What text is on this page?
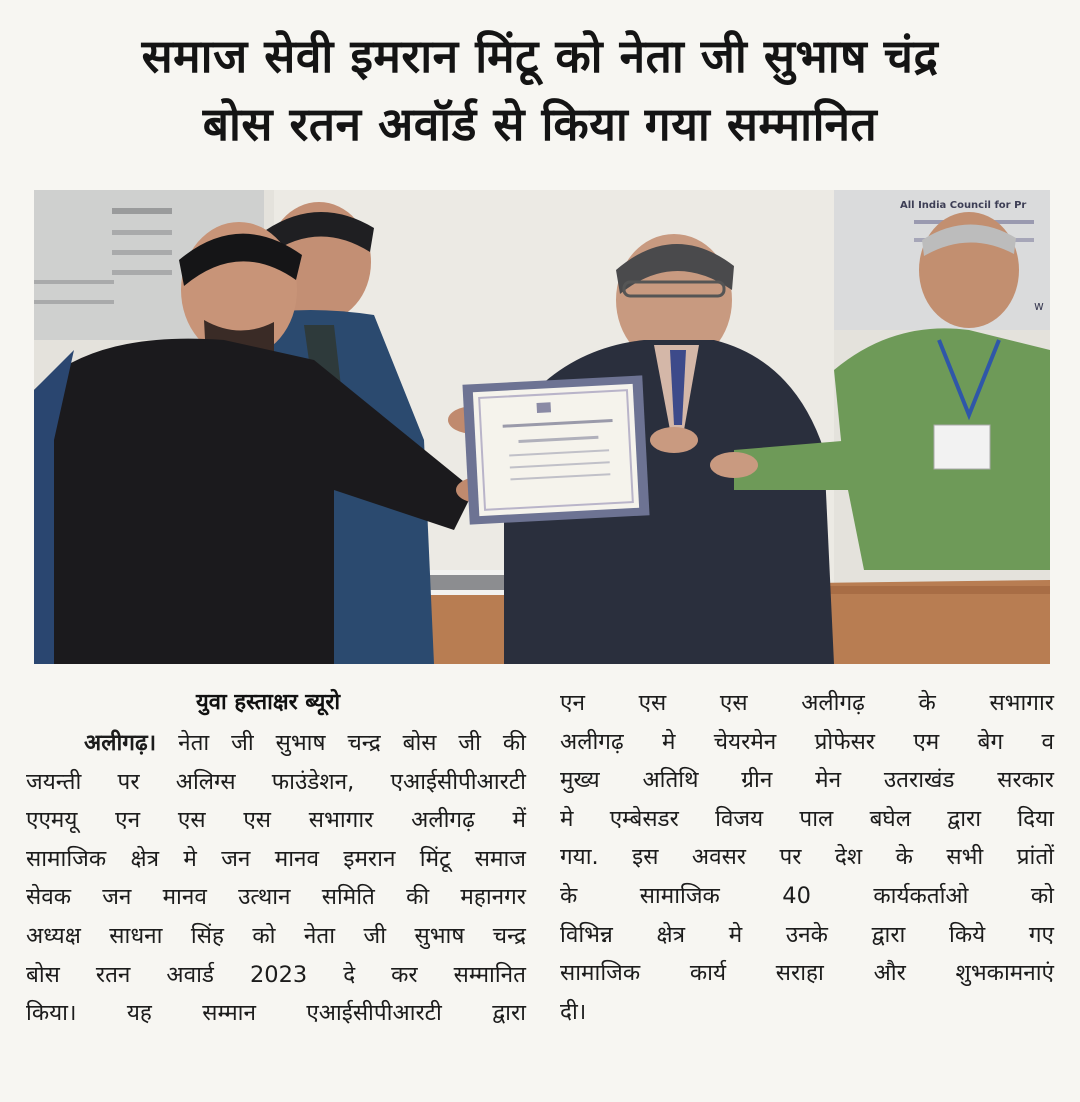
समाज सेवी इमरान मिंटू को नेता जी सुभाष चंद्र
बोस रतन अवॉर्ड से किया गया सम्मानित
All India Council for Pr
w
युवा हस्ताक्षर ब्यूरो
अलीगढ़। नेता जी सुभाष चन्द्र बोस जी की
जयन्ती पर अलिग्स फाउंडेशन, एआईसीपीआरटी
एएमयू एन एस एस सभागार अलीगढ़ में
सामाजिक क्षेत्र मे जन मानव इमरान मिंटू समाज
सेवक जन मानव उत्थान समिति की महानगर
अध्यक्ष साधना सिंह को नेता जी सुभाष चन्द्र
बोस रतन अवार्ड 2023 दे कर सम्मानित
किया। यह सम्मान एआईसीपीआरटी द्वारा
एन एस एस अलीगढ़ के सभागार
अलीगढ़ मे चेयरमेन प्रोफेसर एम बेग व
मुख्य अतिथि ग्रीन मेन उतराखंड सरकार
मे एम्बेसडर विजय पाल बघेल द्वारा दिया
गया. इस अवसर पर देश के सभी प्रांतों
के सामाजिक 40 कार्यकर्ताओ को
विभिन्न क्षेत्र मे उनके द्वारा किये गए
सामाजिक कार्य सराहा और शुभकामनाएं
दी।
